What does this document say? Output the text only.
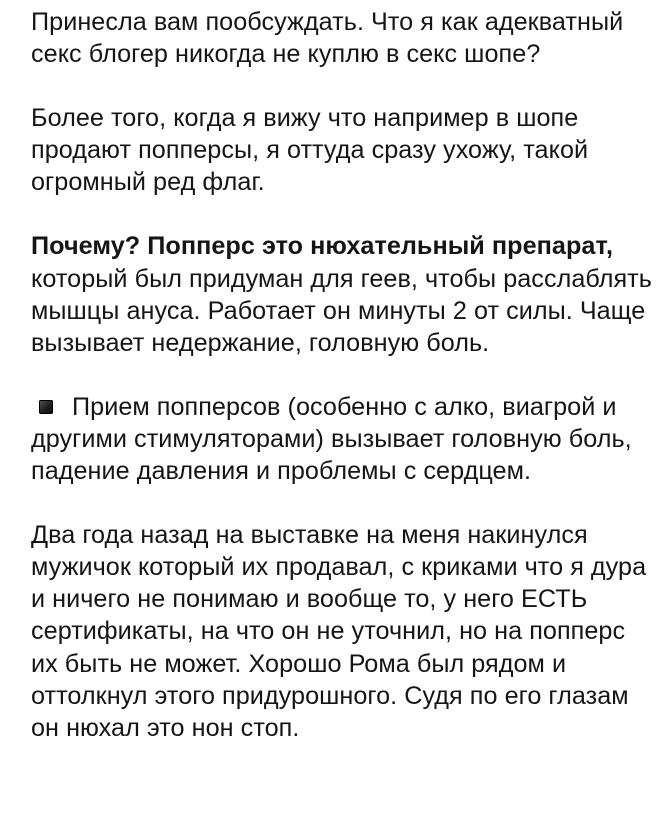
Принесла вам пообсуждать. Что я как адекватный секс блогер никогда не куплю в секс шопе?

Более того, когда я вижу что например в шопе продают попперсы, я оттуда сразу ухожу, такой огромный ред флаг.

Почему? Попперс это нюхательный препарат, который был придуман для геев, чтобы расслаблять мышцы ануса. Работает он минуты 2 от силы. Чаще вызывает недержание, головную боль.

Прием попперсов (особенно с алко, виагрой и другими стимуляторами) вызывает головную боль, падение давления и проблемы с сердцем.

Два года назад на выставке на меня накинулся мужичок который их продавал, с криками что я дура и ничего не понимаю и вообще то, у него ЕСТЬ сертификаты, на что он не уточнил, но на попперс их быть не может. Хорошо Рома был рядом и оттолкнул этого придурошного. Судя по его глазам он нюхал это нон стоп.
